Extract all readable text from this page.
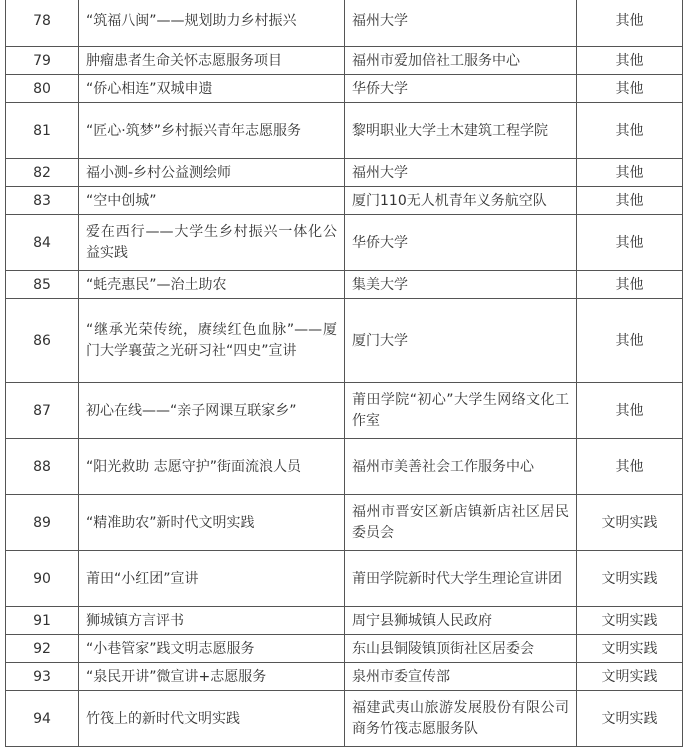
78	“筑福八闽”——规划助力乡村振兴	福州大学	其他
79	肿瘤患者生命关怀志愿服务项目	福州市爱加倍社工服务中心	其他
80	“侨心相连”双城申遗	华侨大学	其他
81	“匠心·筑梦”乡村振兴青年志愿服务	黎明职业大学土木建筑工程学院	其他
82	福小测-乡村公益测绘师	福州大学	其他
83	“空中创城”	厦门110无人机青年义务航空队	其他
84	爱在西行——大学生乡村振兴一体化公益实践	华侨大学	其他
85	“蚝壳惠民”—治土助农	集美大学	其他
86	“继承光荣传统，赓续红色血脉”——厦门大学襄萤之光研习社“四史”宣讲	厦门大学	其他
87	初心在线——“亲子网课互联家乡”	莆田学院“初心”大学生网络文化工作室	其他
88	“阳光救助 志愿守护”街面流浪人员	福州市美善社会工作服务中心	其他
89	“精准助农”新时代文明实践	福州市晋安区新店镇新店社区居民委员会	文明实践
90	莆田“小红团”宣讲	莆田学院新时代大学生理论宣讲团	文明实践
91	狮城镇方言评书	周宁县狮城镇人民政府	文明实践
92	“小巷管家”践文明志愿服务	东山县铜陵镇顶街社区居委会	文明实践
93	“泉民开讲”微宣讲+志愿服务	泉州市委宣传部	文明实践
94	竹筏上的新时代文明实践	福建武夷山旅游发展股份有限公司商务竹筏志愿服务队	文明实践
